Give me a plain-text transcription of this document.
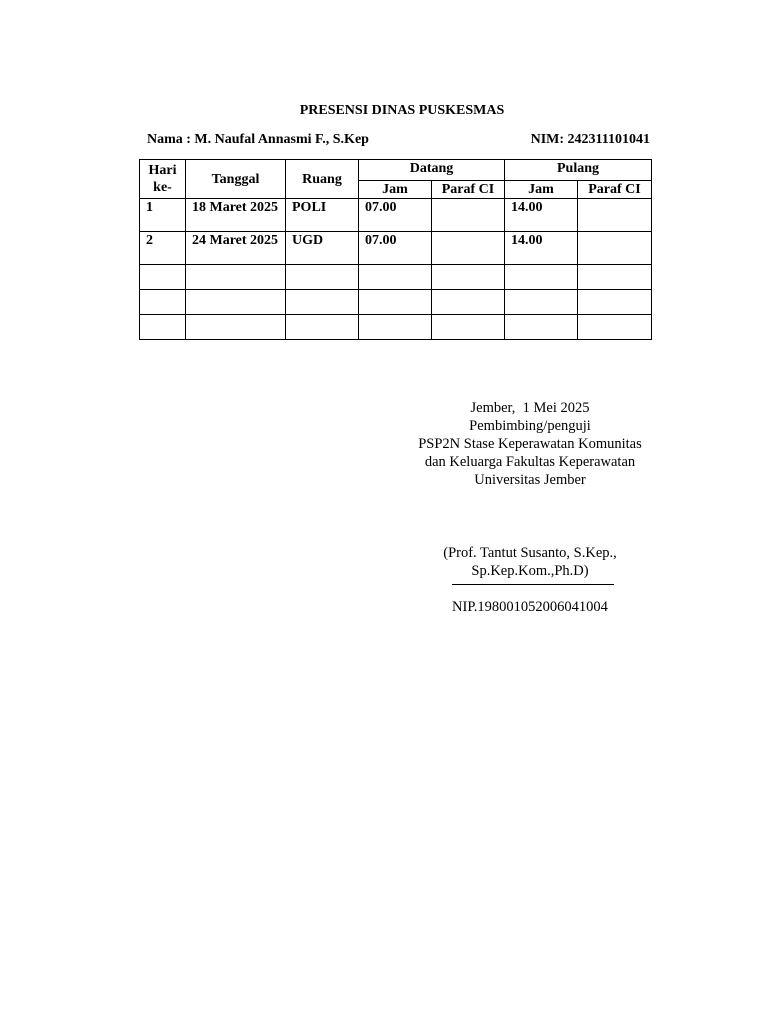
PRESENSI DINAS PUSKESMAS
Nama : M. Naufal Annasmi F., S.Kep	NIM: 242311101041
Hari ke-	Tanggal	Ruang	Datang		Pulang	
			Jam	Paraf CI	Jam	Paraf CI
1	18 Maret 2025	POLI	07.00		14.00	
2	24 Maret 2025	UGD	07.00		14.00	

Jember,  1 Mei 2025
Pembimbing/penguji
PSP2N Stase Keperawatan Komunitas
dan Keluarga Fakultas Keperawatan
Universitas Jember
(Prof. Tantut Susanto, S.Kep.,
Sp.Kep.Kom.,Ph.D)
NIP.198001052006041004
